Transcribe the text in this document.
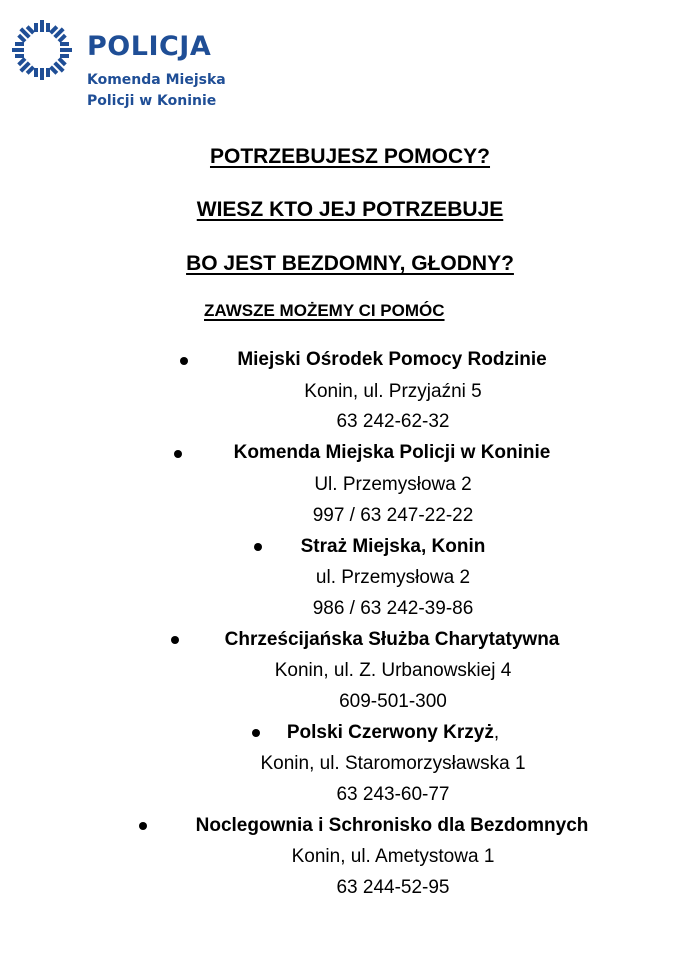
POLICJA
Komenda Miejska
Policji w Koninie
POTRZEBUJESZ POMOCY?
WIESZ KTO JEJ POTRZEBUJE
BO JEST BEZDOMNY, GŁODNY?
ZAWSZE MOŻEMY CI POMÓC
Miejski Ośrodek Pomocy Rodzinie
Konin, ul. Przyjaźni 5
63 242-62-32
Komenda Miejska Policji w Koninie
Ul. Przemysłowa 2
997 / 63 247-22-22
Straż Miejska, Konin
ul. Przemysłowa 2
986 / 63 242-39-86
Chrześcijańska Służba Charytatywna
Konin, ul. Z. Urbanowskiej 4
609-501-300
Polski Czerwony Krzyż,
Konin, ul. Staromorzysławska 1
63 243-60-77
Noclegownia i Schronisko dla Bezdomnych
Konin, ul. Ametystowa 1
63 244-52-95
